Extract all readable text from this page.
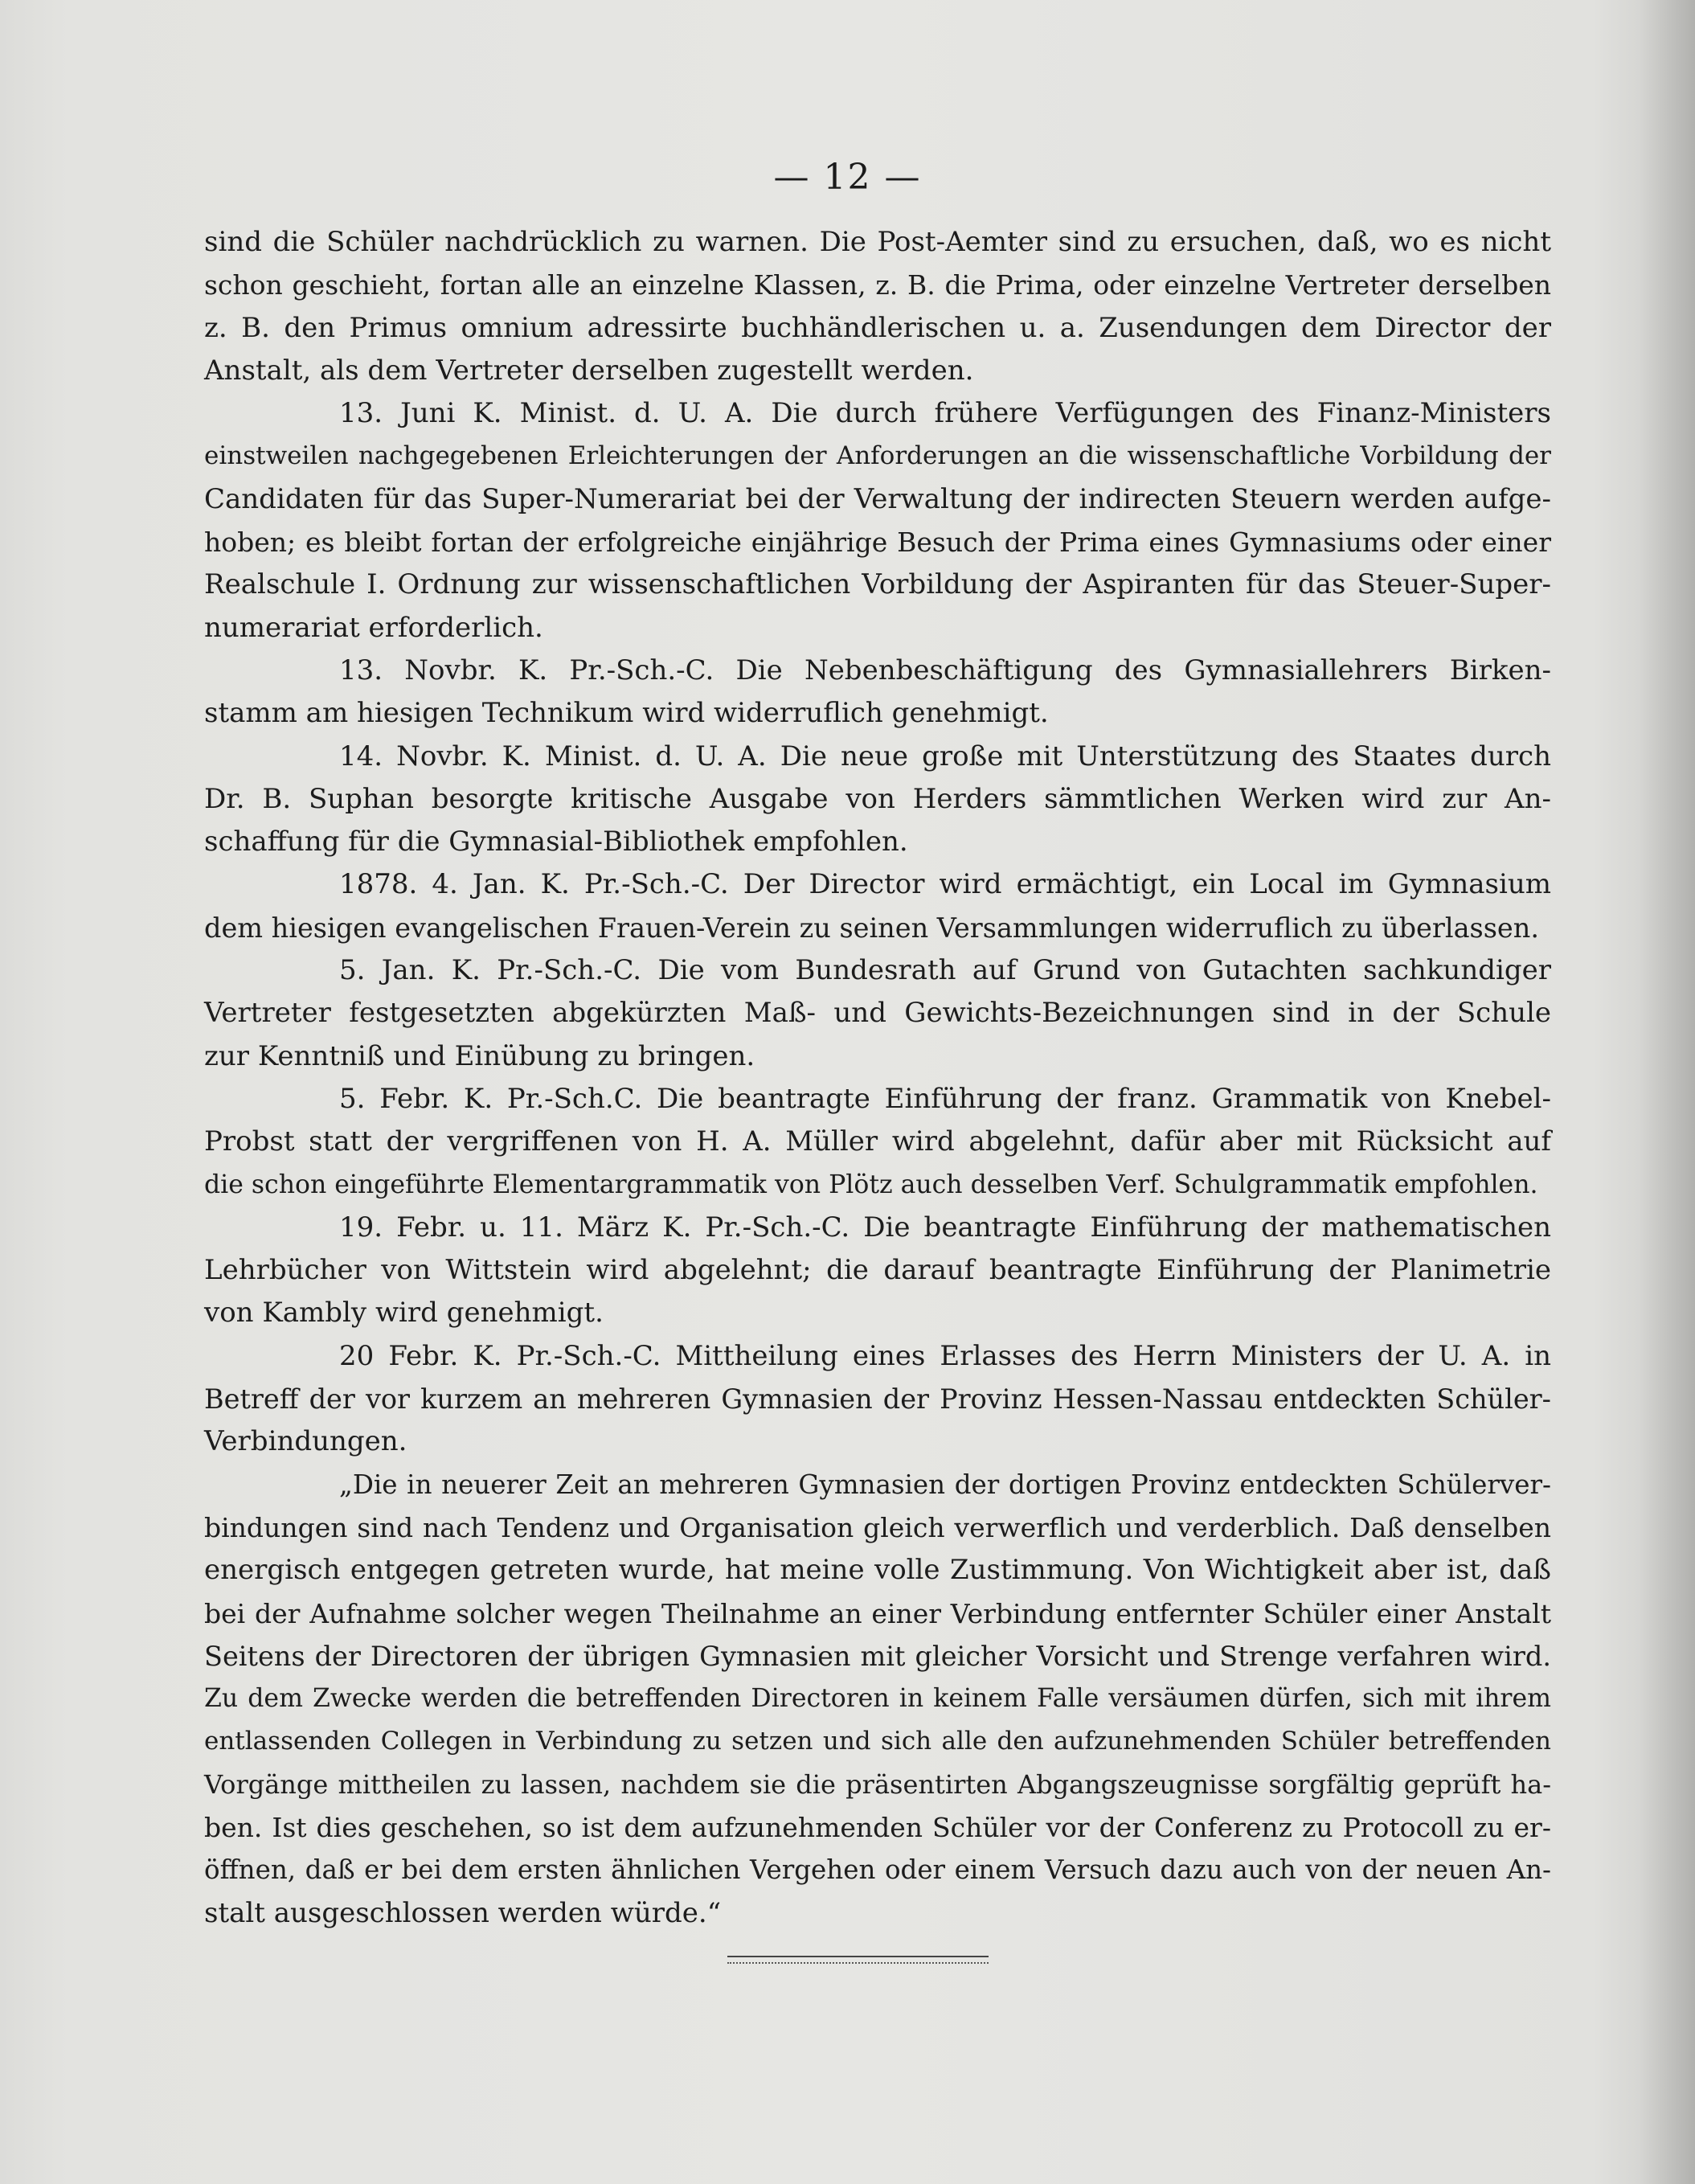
— 12 —

sind die Schüler nachdrücklich zu warnen. Die Post-Aemter sind zu ersuchen, daß, wo es nicht
schon geschieht, fortan alle an einzelne Klassen, z. B. die Prima, oder einzelne Vertreter derselben
z. B. den Primus omnium adressirte buchhändlerischen u. a. Zusendungen dem Director der
Anstalt, als dem Vertreter derselben zugestellt werden.

13. Juni K. Minist. d. U. A. Die durch frühere Verfügungen des Finanz-Ministers
einstweilen nachgegebenen Erleichterungen der Anforderungen an die wissenschaftliche Vorbildung der
Candidaten für das Super-Numerariat bei der Verwaltung der indirecten Steuern werden aufge-
hoben; es bleibt fortan der erfolgreiche einjährige Besuch der Prima eines Gymnasiums oder einer
Realschule I. Ordnung zur wissenschaftlichen Vorbildung der Aspiranten für das Steuer-Super-
numerariat erforderlich.

13. Novbr. K. Pr.-Sch.-C. Die Nebenbeschäftigung des Gymnasiallehrers Birken-
stamm am hiesigen Technikum wird widerruflich genehmigt.

14. Novbr. K. Minist. d. U. A. Die neue große mit Unterstützung des Staates durch
Dr. B. Suphan besorgte kritische Ausgabe von Herders sämmtlichen Werken wird zur An-
schaffung für die Gymnasial-Bibliothek empfohlen.

1878. 4. Jan. K. Pr.-Sch.-C. Der Director wird ermächtigt, ein Local im Gymnasium
dem hiesigen evangelischen Frauen-Verein zu seinen Versammlungen widerruflich zu überlassen.

5. Jan. K. Pr.-Sch.-C. Die vom Bundesrath auf Grund von Gutachten sachkundiger
Vertreter festgesetzten abgekürzten Maß- und Gewichts-Bezeichnungen sind in der Schule
zur Kenntniß und Einübung zu bringen.

5. Febr. K. Pr.-Sch.C. Die beantragte Einführung der franz. Grammatik von Knebel-
Probst statt der vergriffenen von H. A. Müller wird abgelehnt, dafür aber mit Rücksicht auf
die schon eingeführte Elementargrammatik von Plötz auch desselben Verf. Schulgrammatik empfohlen.

19. Febr. u. 11. März K. Pr.-Sch.-C. Die beantragte Einführung der mathematischen
Lehrbücher von Wittstein wird abgelehnt; die darauf beantragte Einführung der Planimetrie
von Kambly wird genehmigt.

20 Febr. K. Pr.-Sch.-C. Mittheilung eines Erlasses des Herrn Ministers der U. A. in
Betreff der vor kurzem an mehreren Gymnasien der Provinz Hessen-Nassau entdeckten Schüler-
Verbindungen.

„Die in neuerer Zeit an mehreren Gymnasien der dortigen Provinz entdeckten Schülerver-
bindungen sind nach Tendenz und Organisation gleich verwerflich und verderblich. Daß denselben
energisch entgegen getreten wurde, hat meine volle Zustimmung. Von Wichtigkeit aber ist, daß
bei der Aufnahme solcher wegen Theilnahme an einer Verbindung entfernter Schüler einer Anstalt
Seitens der Directoren der übrigen Gymnasien mit gleicher Vorsicht und Strenge verfahren wird.
Zu dem Zwecke werden die betreffenden Directoren in keinem Falle versäumen dürfen, sich mit ihrem
entlassenden Collegen in Verbindung zu setzen und sich alle den aufzunehmenden Schüler betreffenden
Vorgänge mittheilen zu lassen, nachdem sie die präsentirten Abgangszeugnisse sorgfältig geprüft ha-
ben. Ist dies geschehen, so ist dem aufzunehmenden Schüler vor der Conferenz zu Protocoll zu er-
öffnen, daß er bei dem ersten ähnlichen Vergehen oder einem Versuch dazu auch von der neuen An-
stalt ausgeschlossen werden würde.“
